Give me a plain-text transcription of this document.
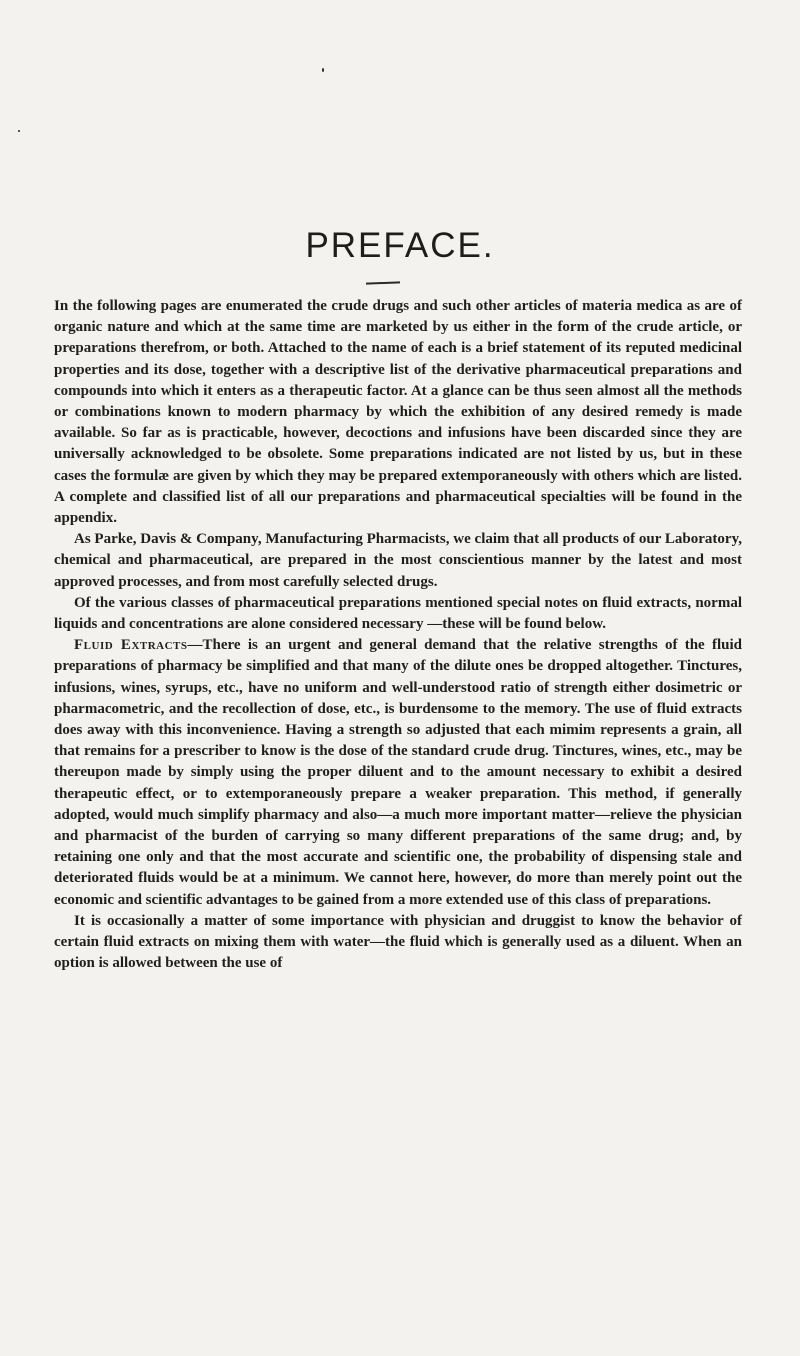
PREFACE.

In the following pages are enumerated the crude drugs and such other articles of materia medica as are of organic nature and which at the same time are marketed by us either in the form of the crude article, or preparations therefrom, or both. Attached to the name of each is a brief statement of its reputed medicinal properties and its dose, together with a descriptive list of the derivative pharmaceutical preparations and compounds into which it enters as a therapeutic factor. At a glance can be thus seen almost all the methods or combinations known to modern pharmacy by which the exhibition of any desired remedy is made available. So far as is practicable, however, decoctions and infusions have been discarded since they are universally acknowledged to be obsolete. Some preparations indicated are not listed by us, but in these cases the formulæ are given by which they may be prepared extemporaneously with others which are listed. A complete and classified list of all our preparations and pharmaceutical specialties will be found in the appendix.

As Parke, Davis & Company, Manufacturing Pharmacists, we claim that all products of our Laboratory, chemical and pharmaceutical, are prepared in the most conscientious manner by the latest and most approved processes, and from most carefully selected drugs.

Of the various classes of pharmaceutical preparations mentioned special notes on fluid extracts, normal liquids and concentrations are alone considered necessary —these will be found below.

Fluid Extracts—There is an urgent and general demand that the relative strengths of the fluid preparations of pharmacy be simplified and that many of the dilute ones be dropped altogether. Tinctures, infusions, wines, syrups, etc., have no uniform and well-understood ratio of strength either dosimetric or pharmacometric, and the recollection of dose, etc., is burdensome to the memory. The use of fluid extracts does away with this inconvenience. Having a strength so adjusted that each mimim represents a grain, all that remains for a prescriber to know is the dose of the standard crude drug. Tinctures, wines, etc., may be thereupon made by simply using the proper diluent and to the amount necessary to exhibit a desired therapeutic effect, or to extemporaneously prepare a weaker preparation. This method, if generally adopted, would much simplify pharmacy and also—a much more important matter—relieve the physician and pharmacist of the burden of carrying so many different preparations of the same drug; and, by retaining one only and that the most accurate and scientific one, the probability of dispensing stale and deteriorated fluids would be at a minimum. We cannot here, however, do more than merely point out the economic and scientific advantages to be gained from a more extended use of this class of preparations.

It is occasionally a matter of some importance with physician and druggist to know the behavior of certain fluid extracts on mixing them with water—the fluid which is generally used as a diluent. When an option is allowed between the use of
